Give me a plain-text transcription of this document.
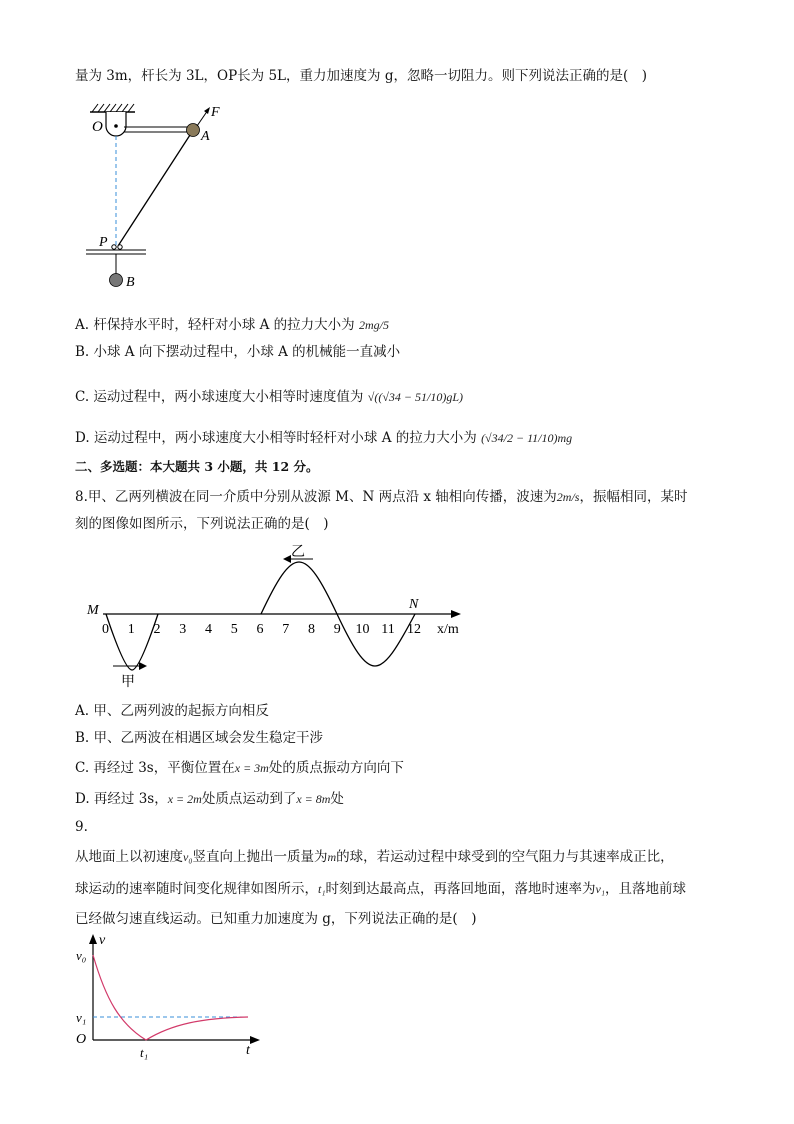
量为 3m，杆长为 3L，OP长为 5L，重力加速度为 g，忽略一切阻力。则下列说法正确的是(　)
O
A
F
P
B
A. 杆保持水平时，轻杆对小球 A 的拉力大小为 2mg/5
B. 小球 A 向下摆动过程中，小球 A 的机械能一直减小
C. 运动过程中，两小球速度大小相等时速度值为 √((√34 − 51/10)gL)
D. 运动过程中，两小球速度大小相等时轻杆对小球 A 的拉力大小为 (√34/2 − 11/10)mg
二、多选题：本大题共 3 小题，共 12 分。
8.甲、乙两列横波在同一介质中分别从波源 M、N 两点沿 x 轴相向传播，波速为2m/s，振幅相同，某时
刻的图像如图所示，下列说法正确的是(　)
0 1 2 3 4 5 6 7 8 9 10 11 12
M	N
x/m
甲
乙
A. 甲、乙两列波的起振方向相反
B. 甲、乙两波在相遇区域会发生稳定干涉
C. 再经过 3s，平衡位置在x = 3m处的质点振动方向向下
D. 再经过 3s，x = 2m处质点运动到了x = 8m处
9.
从地面上以初速度v₀竖直向上抛出一质量为m的球，若运动过程中球受到的空气阻力与其速率成正比，
球运动的速率随时间变化规律如图所示，t₁时刻到达最高点，再落回地面，落地时速率为v₁，且落地前球
已经做匀速直线运动。已知重力加速度为 g，下列说法正确的是(　)
v
t
O
v₀
v₁
t₁
